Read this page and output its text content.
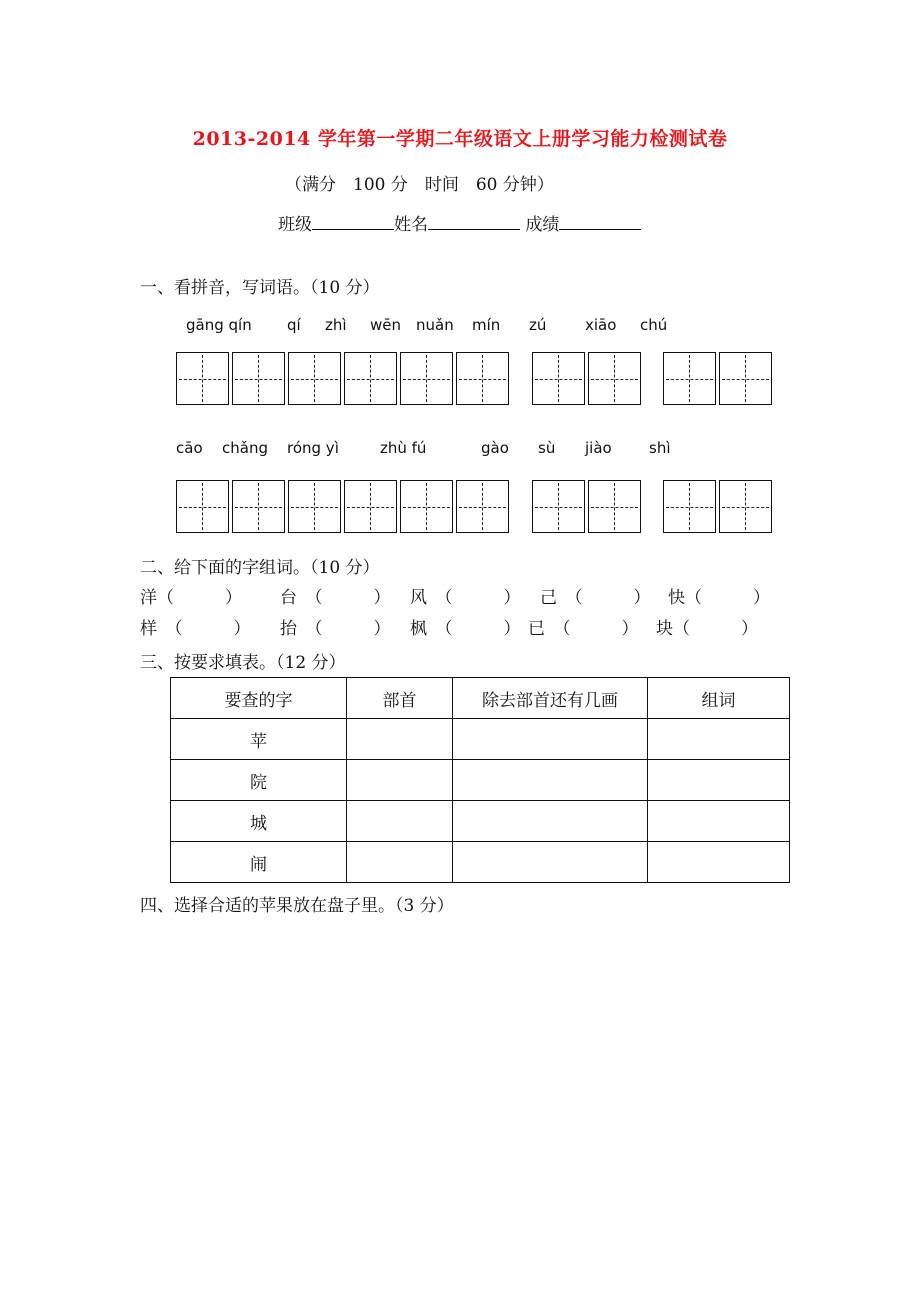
2013-2014 学年第一学期二年级语文上册学习能力检测试卷
（满分　100 分　时间　60 分钟）
班级	姓名	成绩
一、看拼音，写词语。（10 分）
gāng qín qí zhì wēn nuǎn mín zú	xiāo chú
cāo chǎng róng yì	zhù fú	gào sù jiào shì
二、给下面的字组词。（10 分）
洋（　　　） 台　（　　　） 风　（　　　） 己　（　　　） 快（　　　）
样　（　　　） 抬　（　　　） 枫　（　　　） 已　（　　　） 块（　　　）
三、按要求填表。（12 分）
要查的字	部首	除去部首还有几画	组词
苹			
院			
城			
闹			
四、选择合适的苹果放在盘子里。（3 分）
